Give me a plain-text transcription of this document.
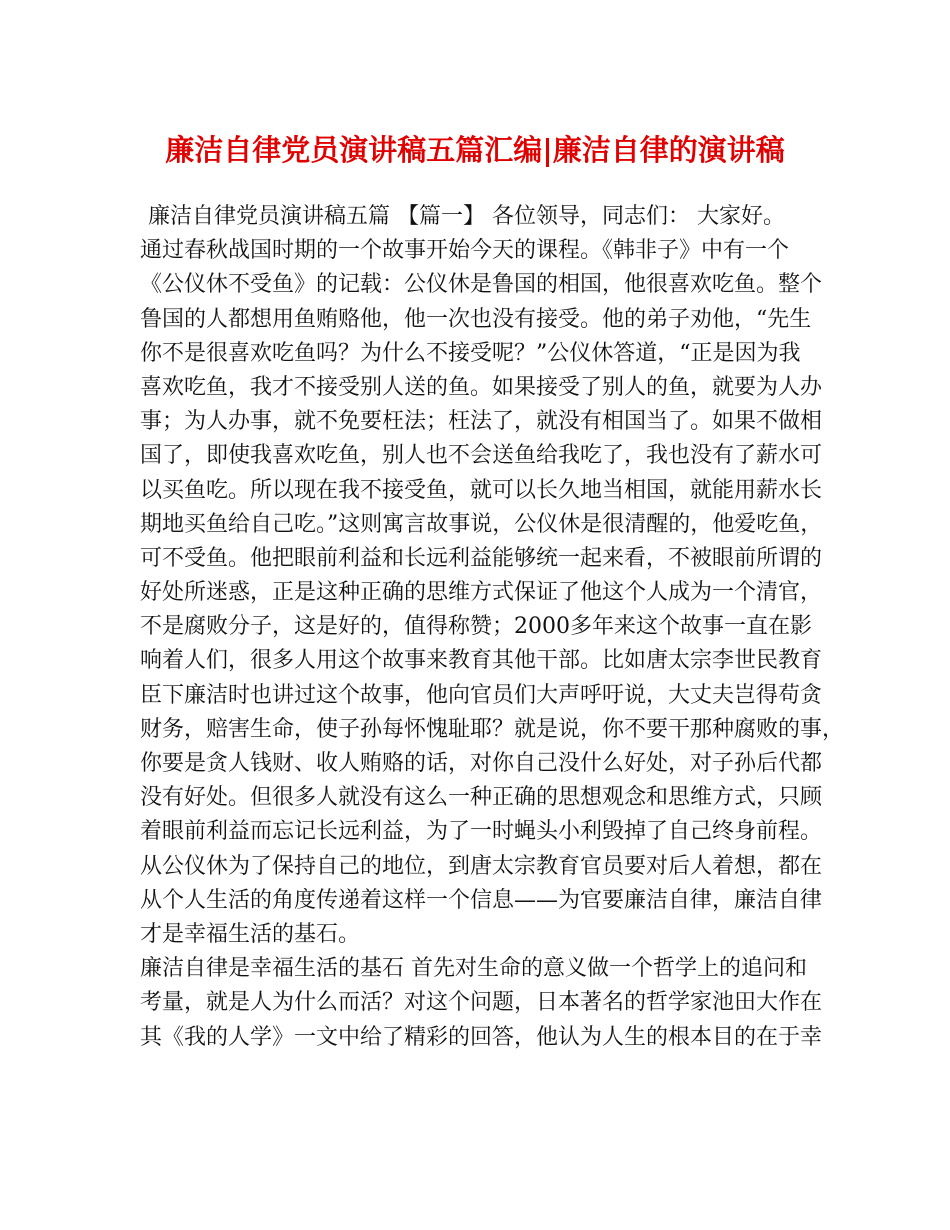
廉洁自律党员演讲稿五篇汇编|廉洁自律的演讲稿
廉洁自律党员演讲稿五篇 【篇一】 各位领导，同志们： 大家好。
通过春秋战国时期的一个故事开始今天的课程。《韩非子》中有一个
《公仪休不受鱼》的记载：公仪休是鲁国的相国，他很喜欢吃鱼。整个
鲁国的人都想用鱼贿赂他，他一次也没有接受。他的弟子劝他，“先生
你不是很喜欢吃鱼吗？为什么不接受呢？”公仪休答道，“正是因为我
喜欢吃鱼，我才不接受别人送的鱼。如果接受了别人的鱼，就要为人办
事；为人办事，就不免要枉法；枉法了，就没有相国当了。如果不做相
国了，即使我喜欢吃鱼，别人也不会送鱼给我吃了，我也没有了薪水可
以买鱼吃。所以现在我不接受鱼，就可以长久地当相国，就能用薪水长
期地买鱼给自己吃。”这则寓言故事说，公仪休是很清醒的，他爱吃鱼，
可不受鱼。他把眼前利益和长远利益能够统一起来看，不被眼前所谓的
好处所迷惑，正是这种正确的思维方式保证了他这个人成为一个清官，
不是腐败分子，这是好的，值得称赞；2000多年来这个故事一直在影
响着人们，很多人用这个故事来教育其他干部。比如唐太宗李世民教育
臣下廉洁时也讲过这个故事，他向官员们大声呼吁说，大丈夫岂得苟贪
财务，赔害生命，使子孙每怀愧耻耶？就是说，你不要干那种腐败的事，
你要是贪人钱财、收人贿赂的话，对你自己没什么好处，对子孙后代都
没有好处。但很多人就没有这么一种正确的思想观念和思维方式，只顾
着眼前利益而忘记长远利益，为了一时蝇头小利毁掉了自己终身前程。
从公仪休为了保持自己的地位，到唐太宗教育官员要对后人着想，都在
从个人生活的角度传递着这样一个信息——为官要廉洁自律，廉洁自律
才是幸福生活的基石。
廉洁自律是幸福生活的基石 首先对生命的意义做一个哲学上的追问和
考量，就是人为什么而活？对这个问题，日本著名的哲学家池田大作在
其《我的人学》一文中给了精彩的回答，他认为人生的根本目的在于幸
